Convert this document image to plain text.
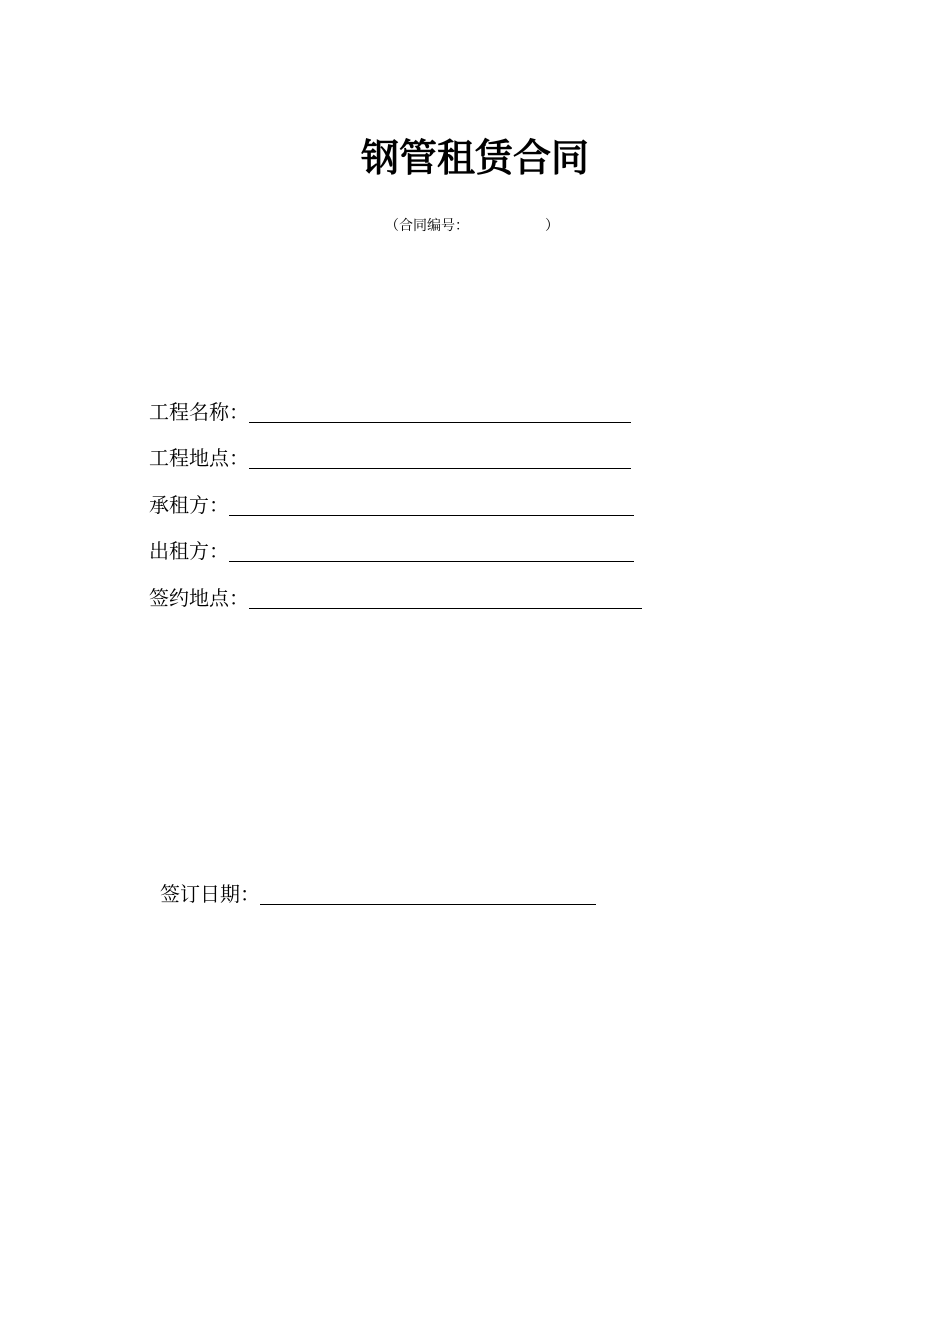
钢管租赁合同
（合同编号：	）
工程名称：
工程地点：
承租方：
出租方：
签约地点：
签订日期：
